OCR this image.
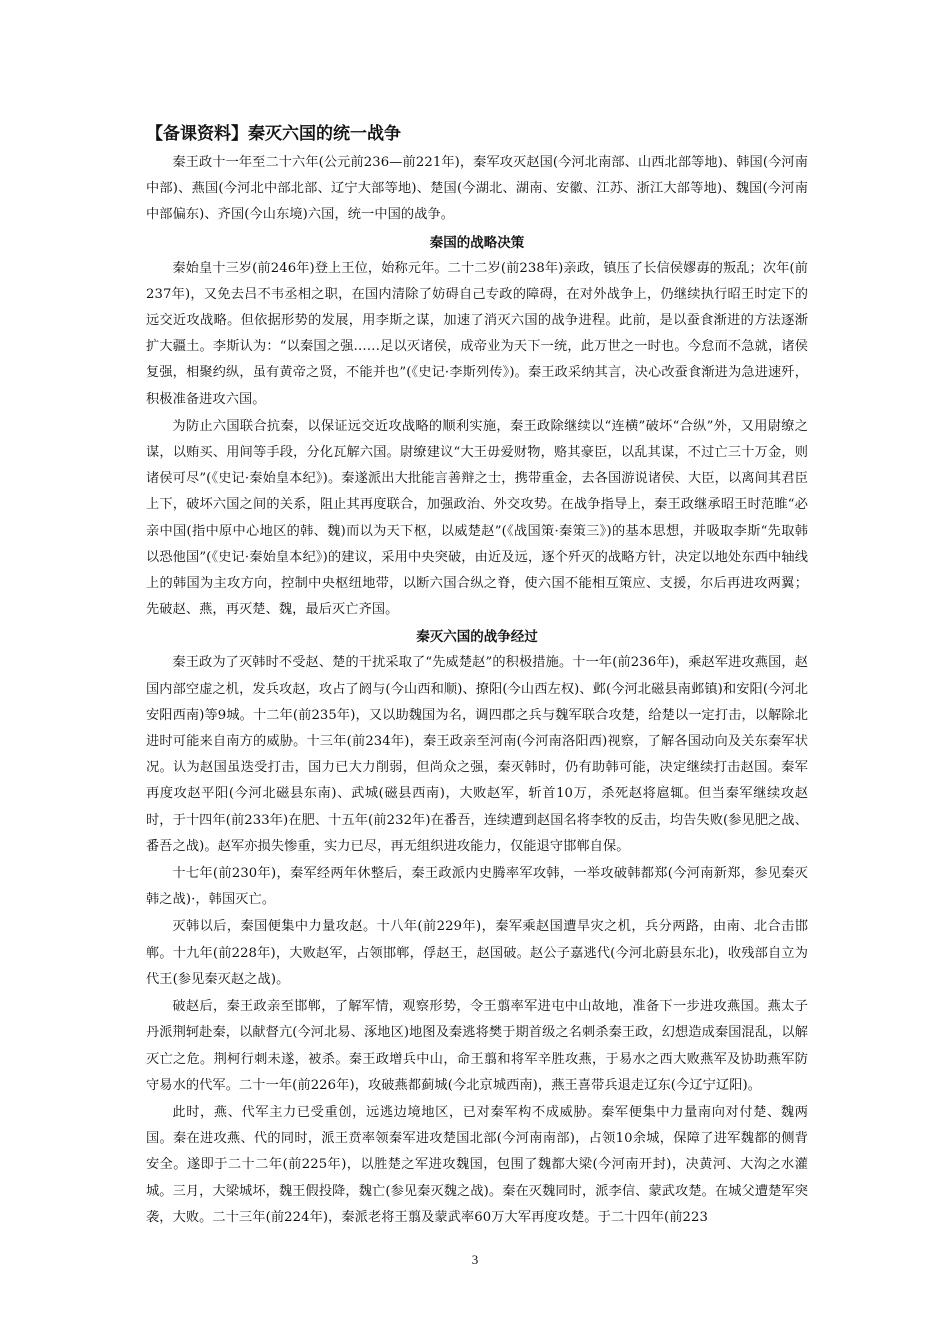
【备课资料】秦灭六国的统一战争

秦王政十一年至二十六年(公元前236—前221年)，秦军攻灭赵国(今河北南部、山西北部等地)、韩国(今河南中部)、燕国(今河北中部北部、辽宁大部等地)、楚国(今湖北、湖南、安徽、江苏、浙江大部等地)、魏国(今河南中部偏东)、齐国(今山东境)六国，统一中国的战争。

秦国的战略决策

秦始皇十三岁(前246年)登上王位，始称元年。二十二岁(前238年)亲政，镇压了长信侯嫪毐的叛乱；次年(前237年)，又免去吕不韦丞相之职，在国内清除了妨碍自己专政的障碍，在对外战争上，仍继续执行昭王时定下的远交近攻战略。但依据形势的发展，用李斯之谋，加速了消灭六国的战争进程。此前，是以蚕食渐进的方法逐渐扩大疆土。李斯认为：“以秦国之强……足以灭诸侯，成帝业为天下一统，此万世之一时也。今怠而不急就，诸侯复强，相聚约纵，虽有黄帝之贤，不能并也”(《史记·李斯列传》)。秦王政采纳其言，决心改蚕食渐进为急进速歼，积极准备进攻六国。

为防止六国联合抗秦，以保证远交近攻战略的顺利实施，秦王政除继续以“连横”破坏“合纵”外，又用尉缭之谋，以贿买、用间等手段，分化瓦解六国。尉缭建议“大王毋爱财物，赂其豪臣，以乱其谋，不过亡三十万金，则诸侯可尽”(《史记·秦始皇本纪》)。秦遂派出大批能言善辩之士，携带重金，去各国游说诸侯、大臣，以离间其君臣上下，破坏六国之间的关系，阻止其再度联合，加强政治、外交攻势。在战争指导上，秦王政继承昭王时范睢“必亲中国(指中原中心地区的韩、魏)而以为天下枢，以威楚赵”(《战国策·秦策三》)的基本思想，并吸取李斯“先取韩以恐他国”(《史记·秦始皇本纪》)的建议，采用中央突破，由近及远，逐个歼灭的战略方针，决定以地处东西中轴线上的韩国为主攻方向，控制中央枢纽地带，以断六国合纵之脊，使六国不能相互策应、支援，尔后再进攻两翼；先破赵、燕，再灭楚、魏，最后灭亡齐国。

秦灭六国的战争经过

秦王政为了灭韩时不受赵、楚的干扰采取了“先威楚赵”的积极措施。十一年(前236年)，乘赵军进攻燕国，赵国内部空虚之机，发兵攻赵，攻占了阏与(今山西和顺)、撩阳(今山西左权)、邺(今河北磁县南邺镇)和安阳(今河北安阳西南)等9城。十二年(前235年)，又以助魏国为名，调四郡之兵与魏军联合攻楚，给楚以一定打击，以解除北进时可能来自南方的威胁。十三年(前234年)，秦王政亲至河南(今河南洛阳西)视察，了解各国动向及关东秦军状况。认为赵国虽迭受打击，国力已大力削弱，但尚众之强，秦灭韩时，仍有助韩可能，决定继续打击赵国。秦军再度攻赵平阳(今河北磁县东南)、武城(磁县西南)，大败赵军，斩首10万，杀死赵将扈辄。但当秦军继续攻赵时，于十四年(前233年)在肥、十五年(前232年)在番吾，连续遭到赵国名将李牧的反击，均告失败(参见肥之战、番吾之战)。赵军亦损失惨重，实力已尽，再无组织进攻能力，仅能退守邯郸自保。

十七年(前230年)，秦军经两年休整后，秦王政派内史腾率军攻韩，一举攻破韩都郑(今河南新郑，参见秦灭韩之战)·，韩国灭亡。

灭韩以后，秦国便集中力量攻赵。十八年(前229年)，秦军乘赵国遭旱灾之机，兵分两路，由南、北合击邯郸。十九年(前228年)，大败赵军，占领邯郸，俘赵王，赵国破。赵公子嘉逃代(今河北蔚县东北)，收残部自立为代王(参见秦灭赵之战)。

破赵后，秦王政亲至邯郸，了解军情，观察形势，令王翦率军进屯中山故地，准备下一步进攻燕国。燕太子丹派荆轲赴秦，以献督亢(今河北易、涿地区)地图及秦逃将樊于期首级之名刺杀秦王政，幻想造成秦国混乱，以解灭亡之危。荆柯行刺未遂，被杀。秦王政增兵中山，命王翦和将军辛胜攻燕，于易水之西大败燕军及协助燕军防守易水的代军。二十一年(前226年)，攻破燕都蓟城(今北京城西南)，燕王喜带兵退走辽东(今辽宁辽阳)。

此时，燕、代军主力已受重创，远逃边境地区，已对秦军构不成威胁。秦军便集中力量南向对付楚、魏两国。秦在进攻燕、代的同时，派王贲率领秦军进攻楚国北部(今河南南部)，占领10余城，保障了进军魏都的侧背安全。遂即于二十二年(前225年)，以胜楚之军进攻魏国，包围了魏都大梁(今河南开封)，决黄河、大沟之水灌城。三月，大梁城坏，魏王假投降，魏亡(参见秦灭魏之战)。秦在灭魏同时，派李信、蒙武攻楚。在城父遭楚军突袭，大败。二十三年(前224年)，秦派老将王翦及蒙武率60万大军再度攻楚。于二十四年(前223

3
